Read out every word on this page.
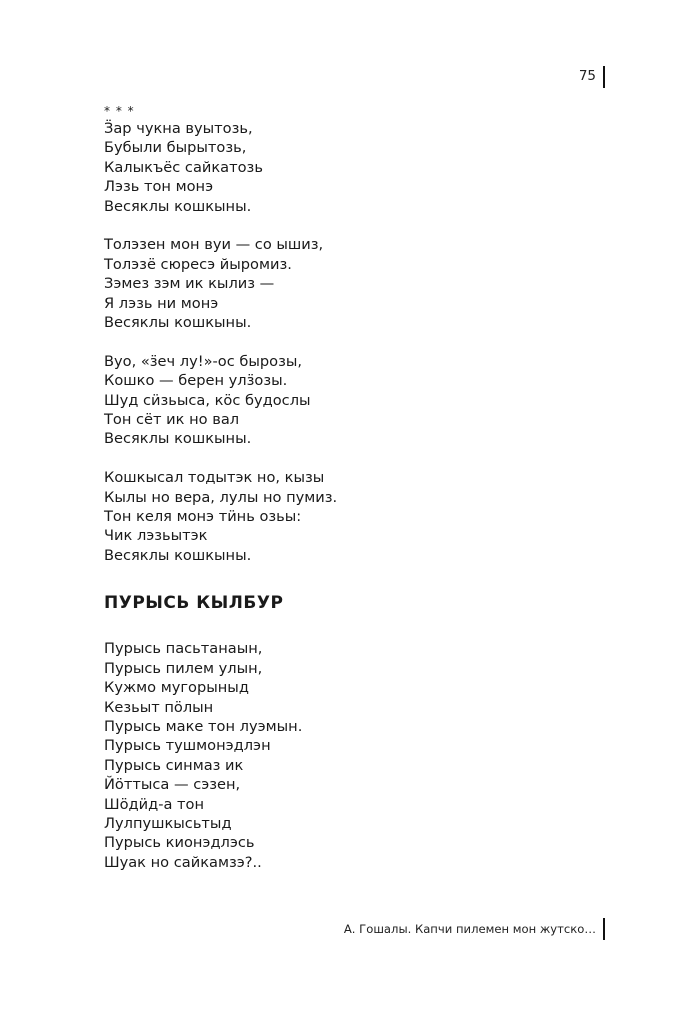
75
* * *
Ӟар чукна вуытозь,
Бубыли бырытозь,
Калыкъёс сайкатозь
Лэзь тон монэ
Весяклы кошкыны.
Толэзен мон вуи — со ышиз,
Толэзё сюресэ йыромиз.
Зэмез зэм ик кылиз —
Я лэзь ни монэ
Весяклы кошкыны.
Вуо, «ӟеч лу!»-ос бырозы,
Кошко — берен улӟозы.
Шуд сӥзьыса, кӧс будослы
Тон сёт ик но вал
Весяклы кошкыны.
Кошкысал тодытэк но, кызы
Кылы но вера, лулы но пумиз.
Тон келя монэ тӥнь озьы:
Чик лэзьытэк
Весяклы кошкыны.
ПУРЫСЬ КЫЛБУР
Пурысь пасьтанаын,
Пурысь пилем улын,
Кужмо мугорыныд
Кезьыт пӧлын
Пурысь маке тон луэмын.
Пурысь тушмонэдлэн
Пурысь синмаз ик
Йӧттыса — сэзен,
Шӧдӥд-а тон
Лулпушкысьтыд
Пурысь кионэдлэсь
Шуак но сайкамзэ?..
А. Гошалы. Капчи пилемен мон жутско…
